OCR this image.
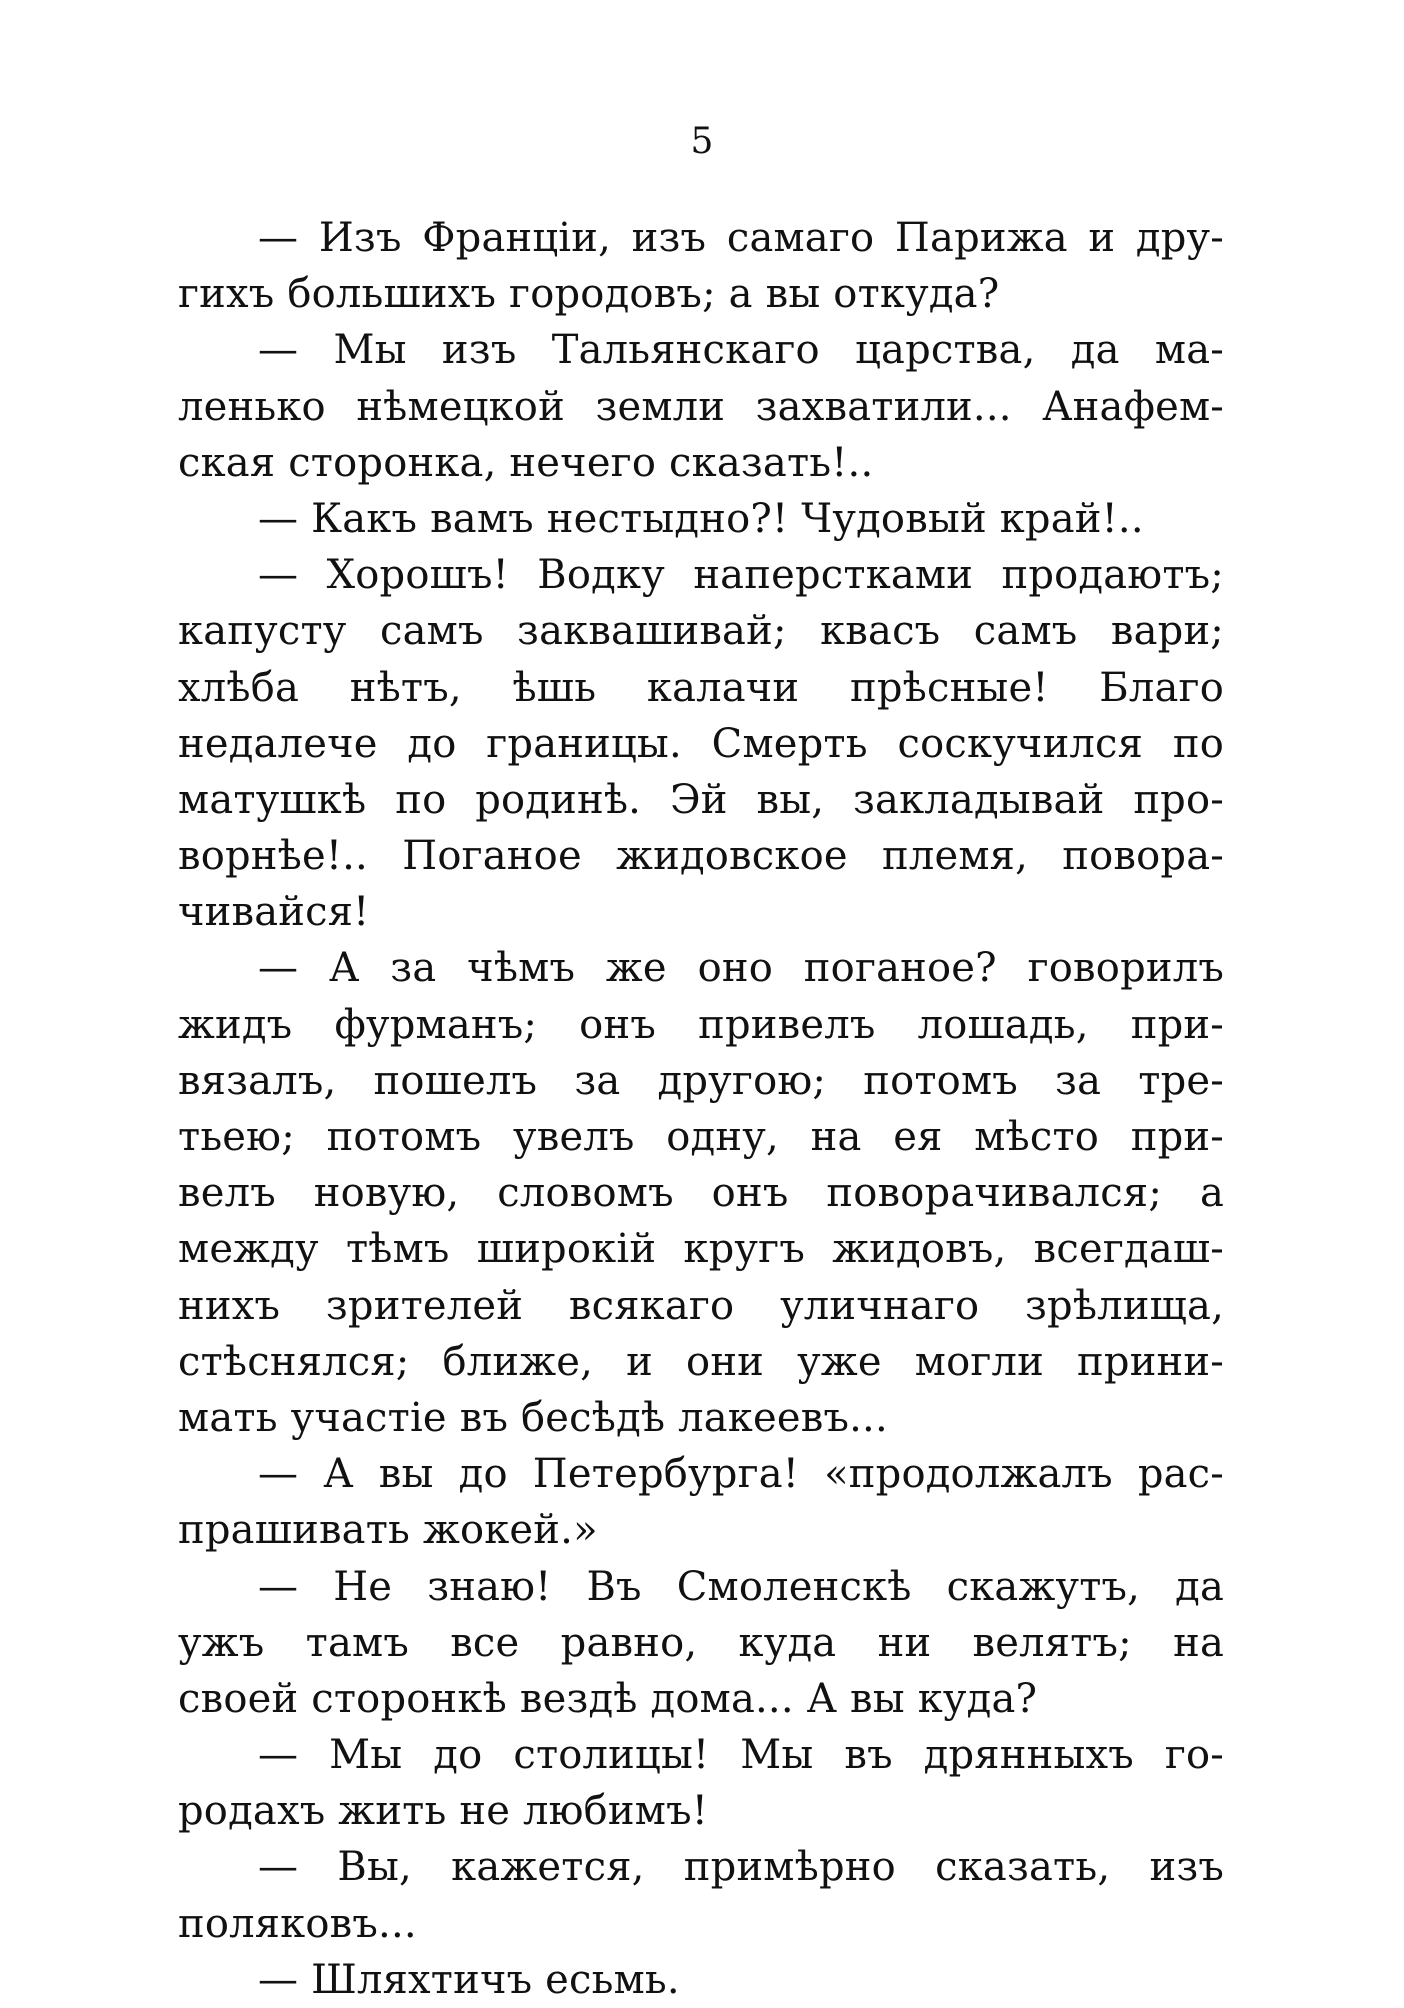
5
— Изъ Франціи, изъ самаго Парижа и дру-
гихъ большихъ городовъ; а вы откуда?
— Мы изъ Тальянскаго царства, да ма-
ленько нѣмецкой земли захватили... Анафем-
ская сторонка, нечего сказать!..
— Какъ вамъ нестыдно?! Чудовый край!..
— Хорошъ! Водку наперстками продаютъ;
капусту самъ заквашивай; квасъ самъ вари;
хлѣба нѣтъ, ѣшь калачи прѣсные! Благо
недалече до границы. Смерть соскучился по
матушкѣ по родинѣ. Эй вы, закладывай про-
ворнѣе!.. Поганое жидовское племя, повора-
чивайся!
— А за чѣмъ же оно поганое? говорилъ
жидъ фурманъ; онъ привелъ лошадь, при-
вязалъ, пошелъ за другою; потомъ за тре-
тьею; потомъ увелъ одну, на ея мѣсто при-
велъ новую, словомъ онъ поворачивался; а
между тѣмъ широкій кругъ жидовъ, всегдаш-
нихъ зрителей всякаго уличнаго зрѣлища,
стѣснялся; ближе, и они уже могли прини-
мать участіе въ бесѣдѣ лакеевъ...
— А вы до Петербурга! «продолжалъ рас-
прашивать жокей.»
— Не знаю! Въ Смоленскѣ скажутъ, да
ужъ тамъ все равно, куда ни велятъ; на
своей сторонкѣ вездѣ дома... А вы куда?
— Мы до столицы! Мы въ дрянныхъ го-
родахъ жить не любимъ!
— Вы, кажется, примѣрно сказать, изъ
поляковъ...
— Шляхтичъ есьмь.
